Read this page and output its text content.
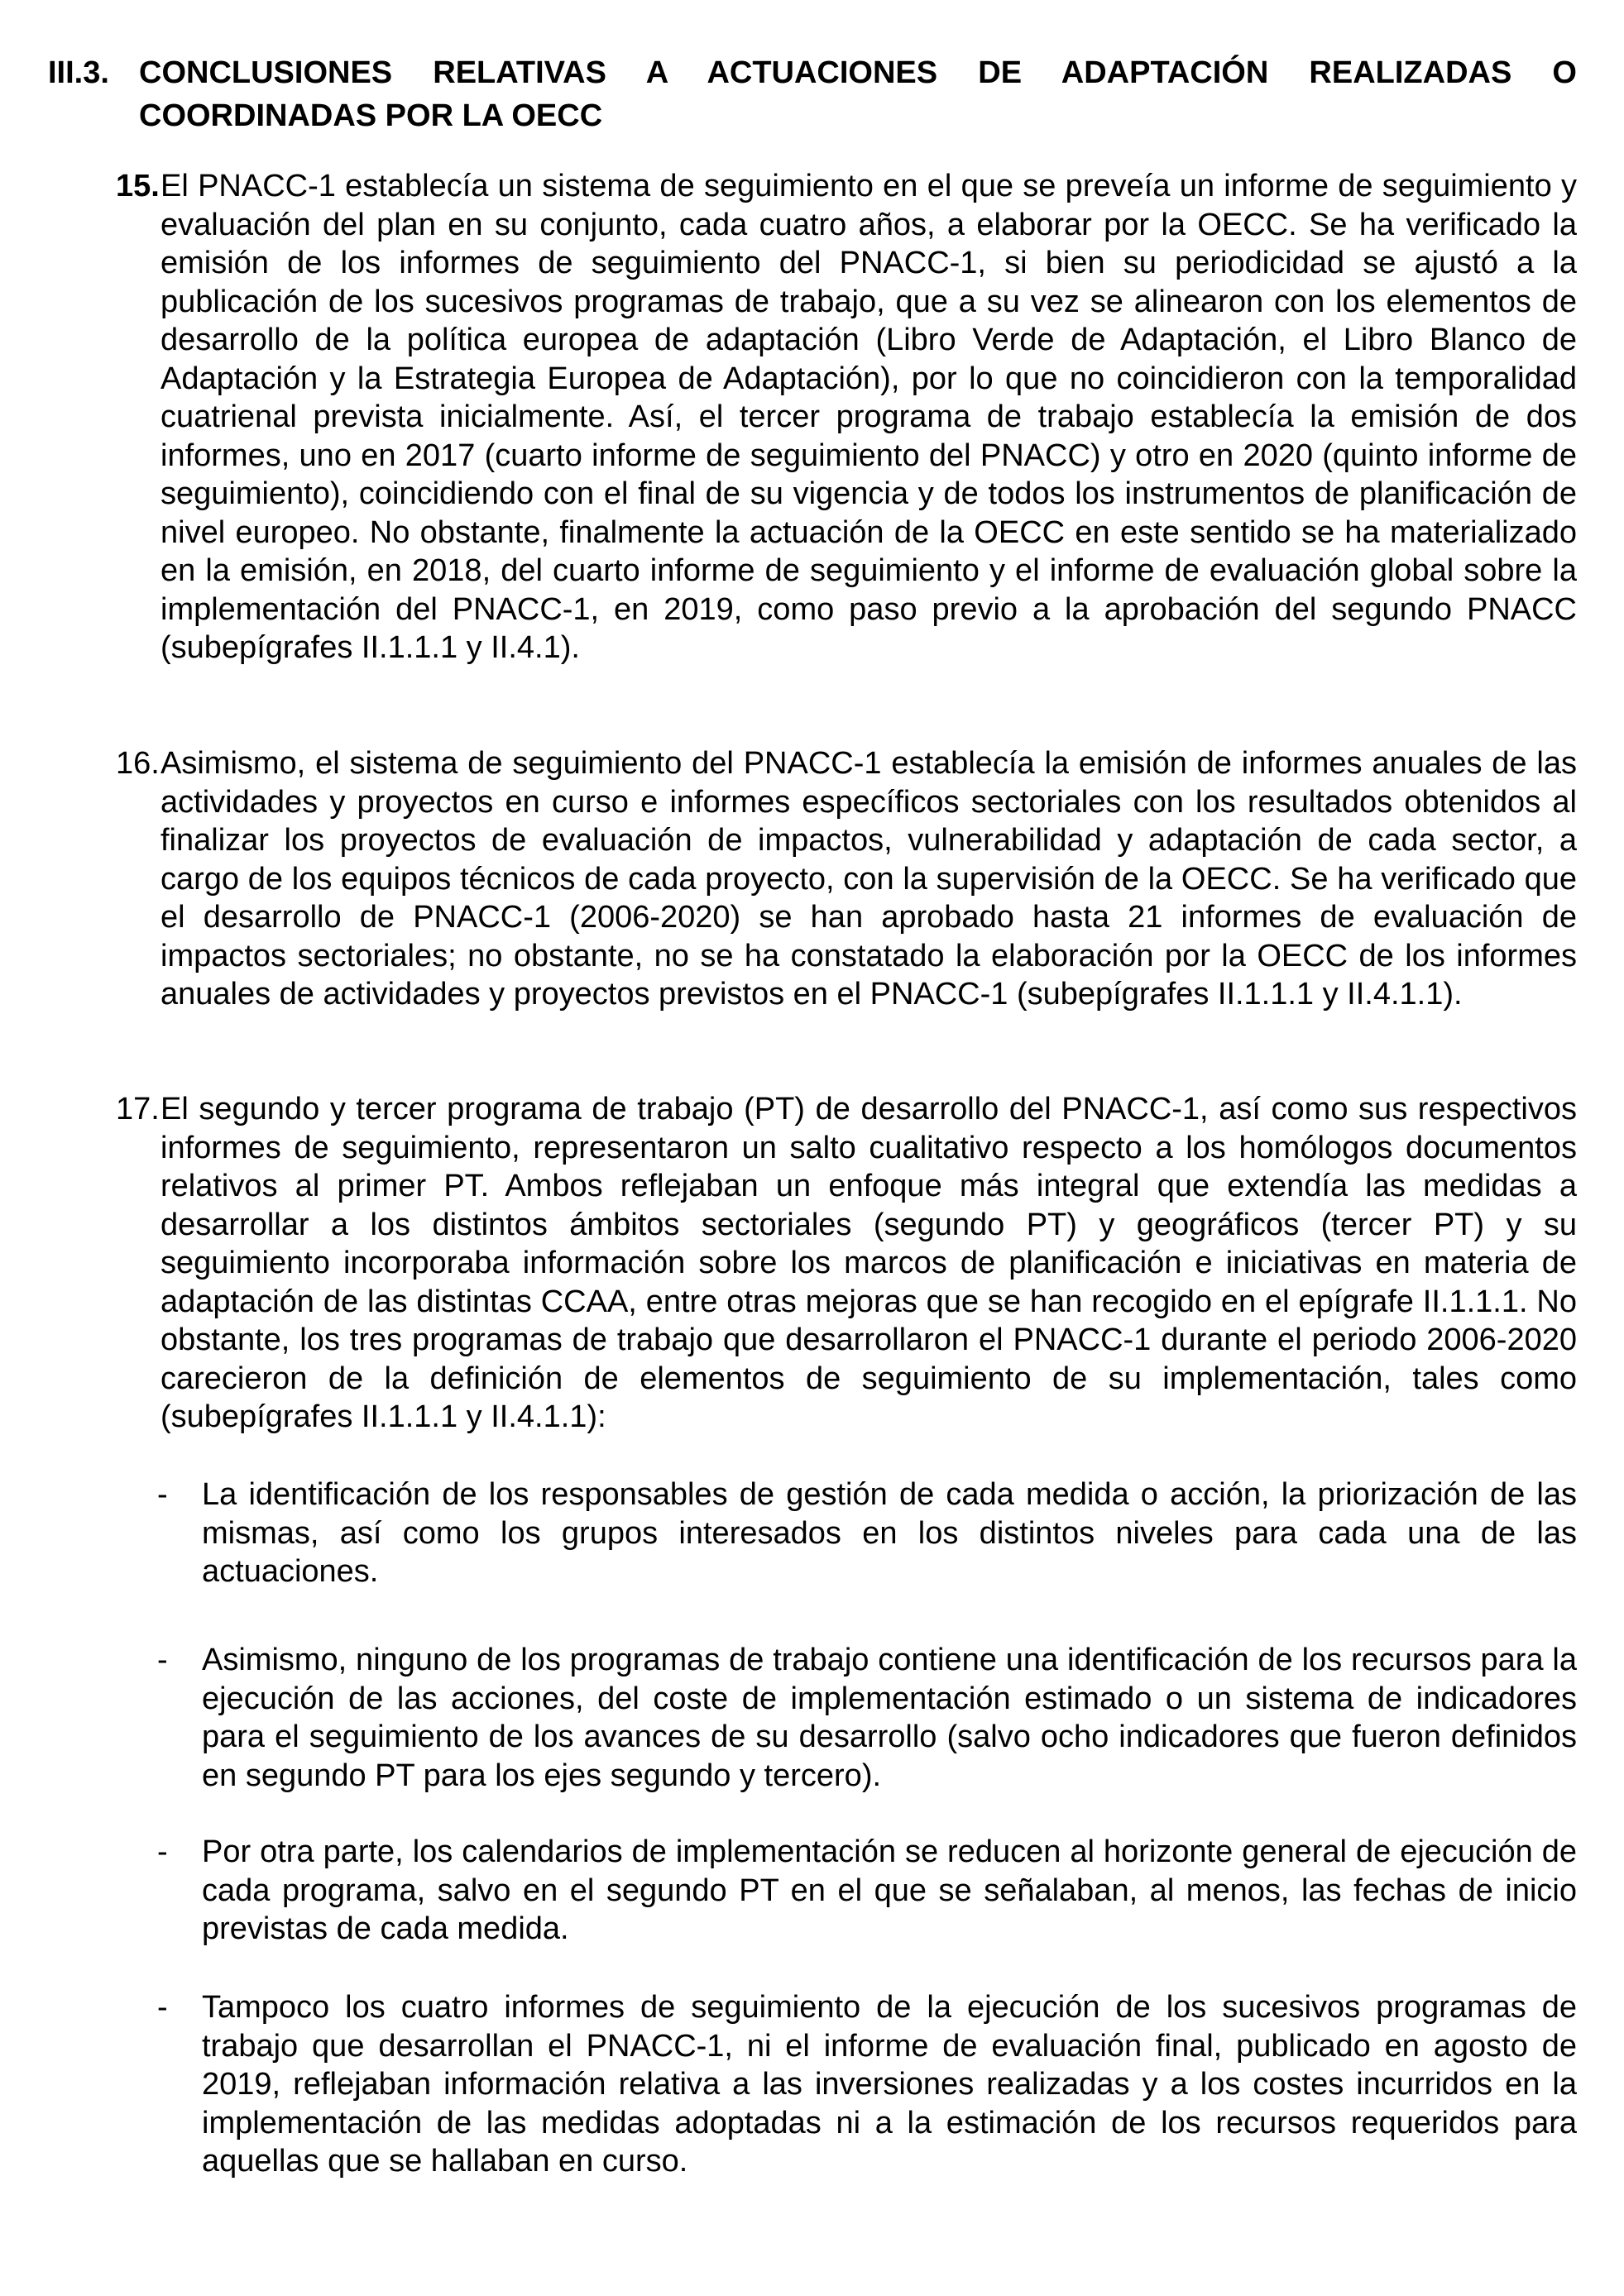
III.3. CONCLUSIONES RELATIVAS A ACTUACIONES DE ADAPTACIÓN REALIZADAS O COORDINADAS POR LA OECC
15. El PNACC-1 establecía un sistema de seguimiento en el que se preveía un informe de seguimiento y evaluación del plan en su conjunto, cada cuatro años, a elaborar por la OECC. Se ha verificado la emisión de los informes de seguimiento del PNACC-1, si bien su periodicidad se ajustó a la publicación de los sucesivos programas de trabajo, que a su vez se alinearon con los elementos de desarrollo de la política europea de adaptación (Libro Verde de Adaptación, el Libro Blanco de Adaptación y la Estrategia Europea de Adaptación), por lo que no coincidieron con la temporalidad cuatrienal prevista inicialmente. Así, el tercer programa de trabajo establecía la emisión de dos informes, uno en 2017 (cuarto informe de seguimiento del PNACC) y otro en 2020 (quinto informe de seguimiento), coincidiendo con el final de su vigencia y de todos los instrumentos de planificación de nivel europeo. No obstante, finalmente la actuación de la OECC en este sentido se ha materializado en la emisión, en 2018, del cuarto informe de seguimiento y el informe de evaluación global sobre la implementación del PNACC-1, en 2019, como paso previo a la aprobación del segundo PNACC (subepígrafes II.1.1.1 y II.4.1).
16. Asimismo, el sistema de seguimiento del PNACC-1 establecía la emisión de informes anuales de las actividades y proyectos en curso e informes específicos sectoriales con los resultados obtenidos al finalizar los proyectos de evaluación de impactos, vulnerabilidad y adaptación de cada sector, a cargo de los equipos técnicos de cada proyecto, con la supervisión de la OECC. Se ha verificado que el desarrollo de PNACC-1 (2006-2020) se han aprobado hasta 21 informes de evaluación de impactos sectoriales; no obstante, no se ha constatado la elaboración por la OECC de los informes anuales de actividades y proyectos previstos en el PNACC-1 (subepígrafes II.1.1.1 y II.4.1.1).
17. El segundo y tercer programa de trabajo (PT) de desarrollo del PNACC-1, así como sus respectivos informes de seguimiento, representaron un salto cualitativo respecto a los homólogos documentos relativos al primer PT. Ambos reflejaban un enfoque más integral que extendía las medidas a desarrollar a los distintos ámbitos sectoriales (segundo PT) y geográficos (tercer PT) y su seguimiento incorporaba información sobre los marcos de planificación e iniciativas en materia de adaptación de las distintas CCAA, entre otras mejoras que se han recogido en el epígrafe II.1.1.1. No obstante, los tres programas de trabajo que desarrollaron el PNACC-1 durante el periodo 2006-2020 carecieron de la definición de elementos de seguimiento de su implementación, tales como (subepígrafes II.1.1.1 y II.4.1.1):
-	La identificación de los responsables de gestión de cada medida o acción, la priorización de las mismas, así como los grupos interesados en los distintos niveles para cada una de las actuaciones.
-	Asimismo, ninguno de los programas de trabajo contiene una identificación de los recursos para la ejecución de las acciones, del coste de implementación estimado o un sistema de indicadores para el seguimiento de los avances de su desarrollo (salvo ocho indicadores que fueron definidos en segundo PT para los ejes segundo y tercero).
-	Por otra parte, los calendarios de implementación se reducen al horizonte general de ejecución de cada programa, salvo en el segundo PT en el que se señalaban, al menos, las fechas de inicio previstas de cada medida.
-	Tampoco los cuatro informes de seguimiento de la ejecución de los sucesivos programas de trabajo que desarrollan el PNACC-1, ni el informe de evaluación final, publicado en agosto de 2019, reflejaban información relativa a las inversiones realizadas y a los costes incurridos en la implementación de las medidas adoptadas ni a la estimación de los recursos requeridos para aquellas que se hallaban en curso.
